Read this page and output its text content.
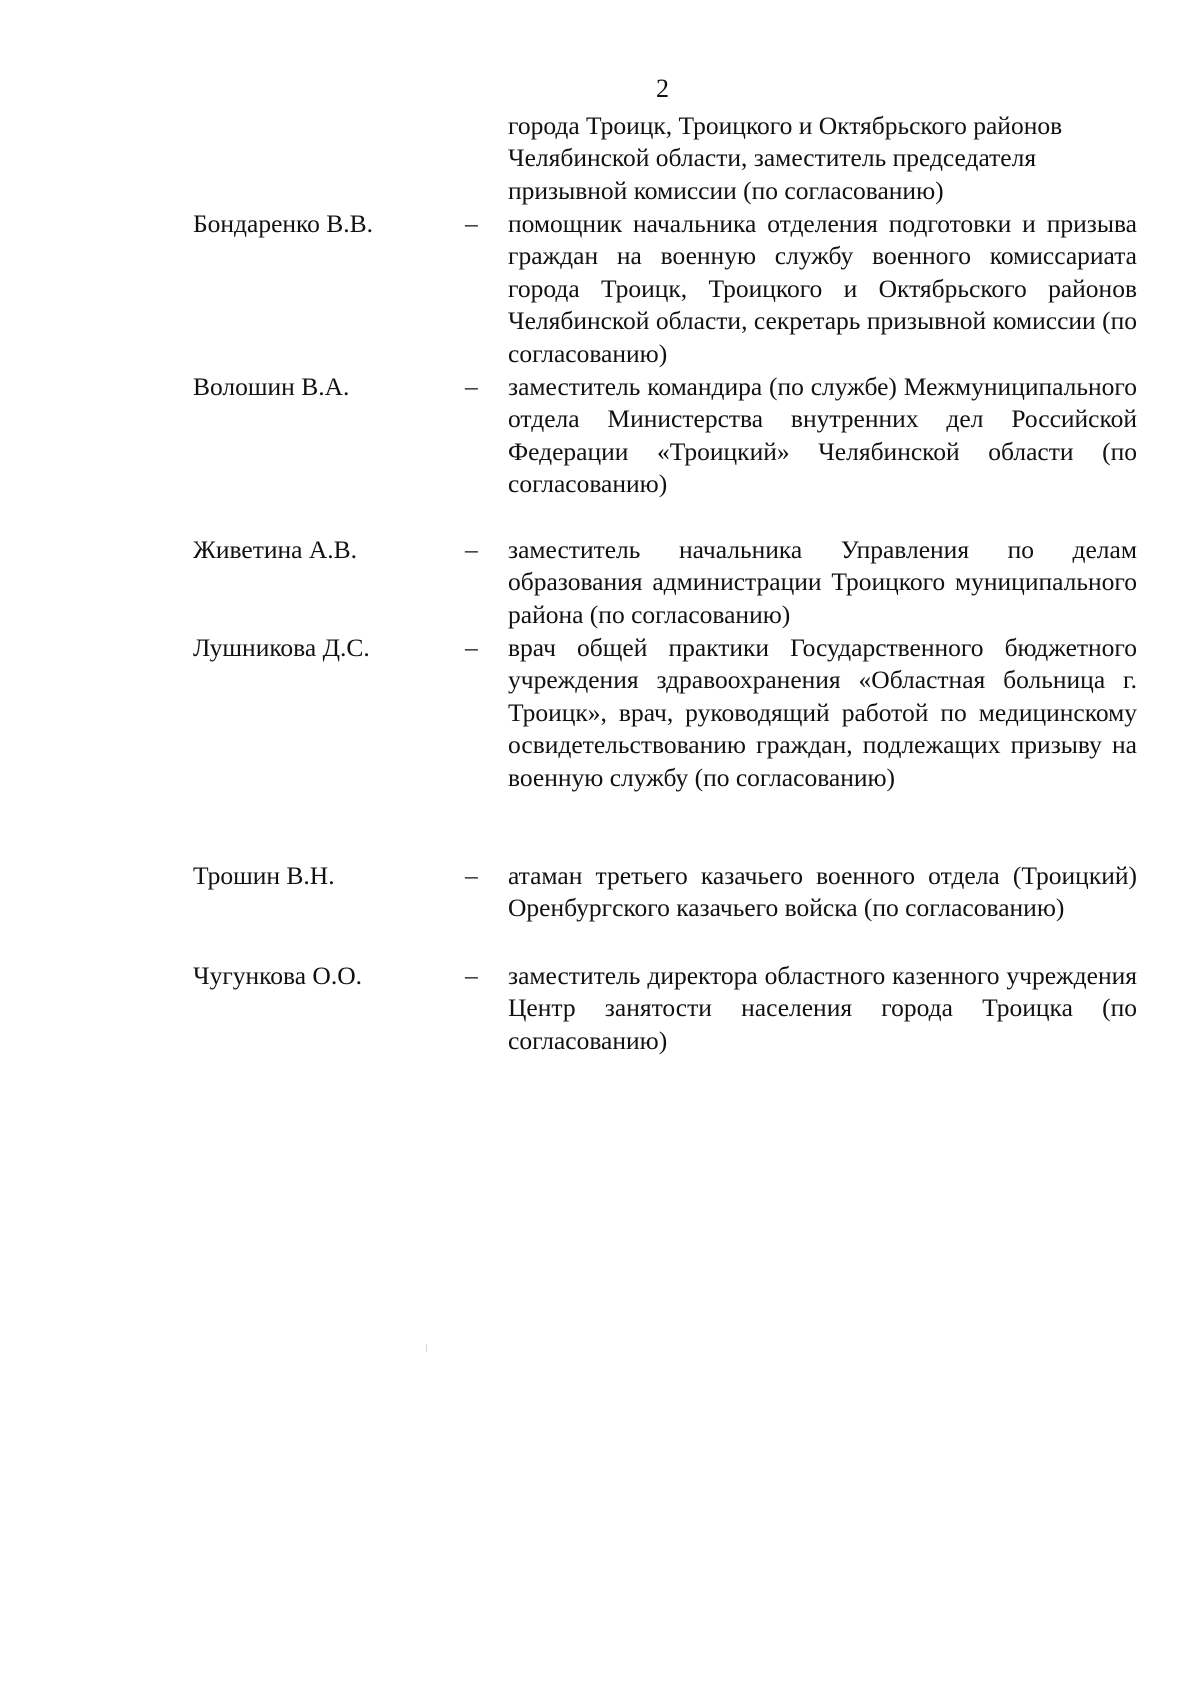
2
города Троицк, Троицкого и Октябрьского районов Челябинской области, заместитель председателя призывной комиссии (по согласованию)
Бондаренко В.В.	– помощник начальника отделения подготовки и призыва граждан на военную службу военного комиссариата города Троицк, Троицкого и Октябрьского районов Челябинской области, секретарь призывной комиссии (по согласованию)
Волошин В.А.	– заместитель командира (по службе) Межмуниципального отдела Министерства внутренних дел Российской Федерации «Троицкий» Челябинской области (по согласованию)
Живетина А.В.	– заместитель начальника Управления по делам образования администрации Троицкого муниципального района (по согласованию)
Лушникова Д.С.	– врач общей практики Государственного бюджетного учреждения здравоохранения «Областная больница г. Троицк», врач, руководящий работой по медицинскому освидетельствованию граждан, подлежащих призыву на военную службу (по согласованию)
Трошин В.Н.	– атаман третьего казачьего военного отдела (Троицкий) Оренбургского казачьего войска (по согласованию)
Чугункова О.О.	– заместитель директора областного казенного учреждения Центр занятости населения города Троицка (по согласованию)
